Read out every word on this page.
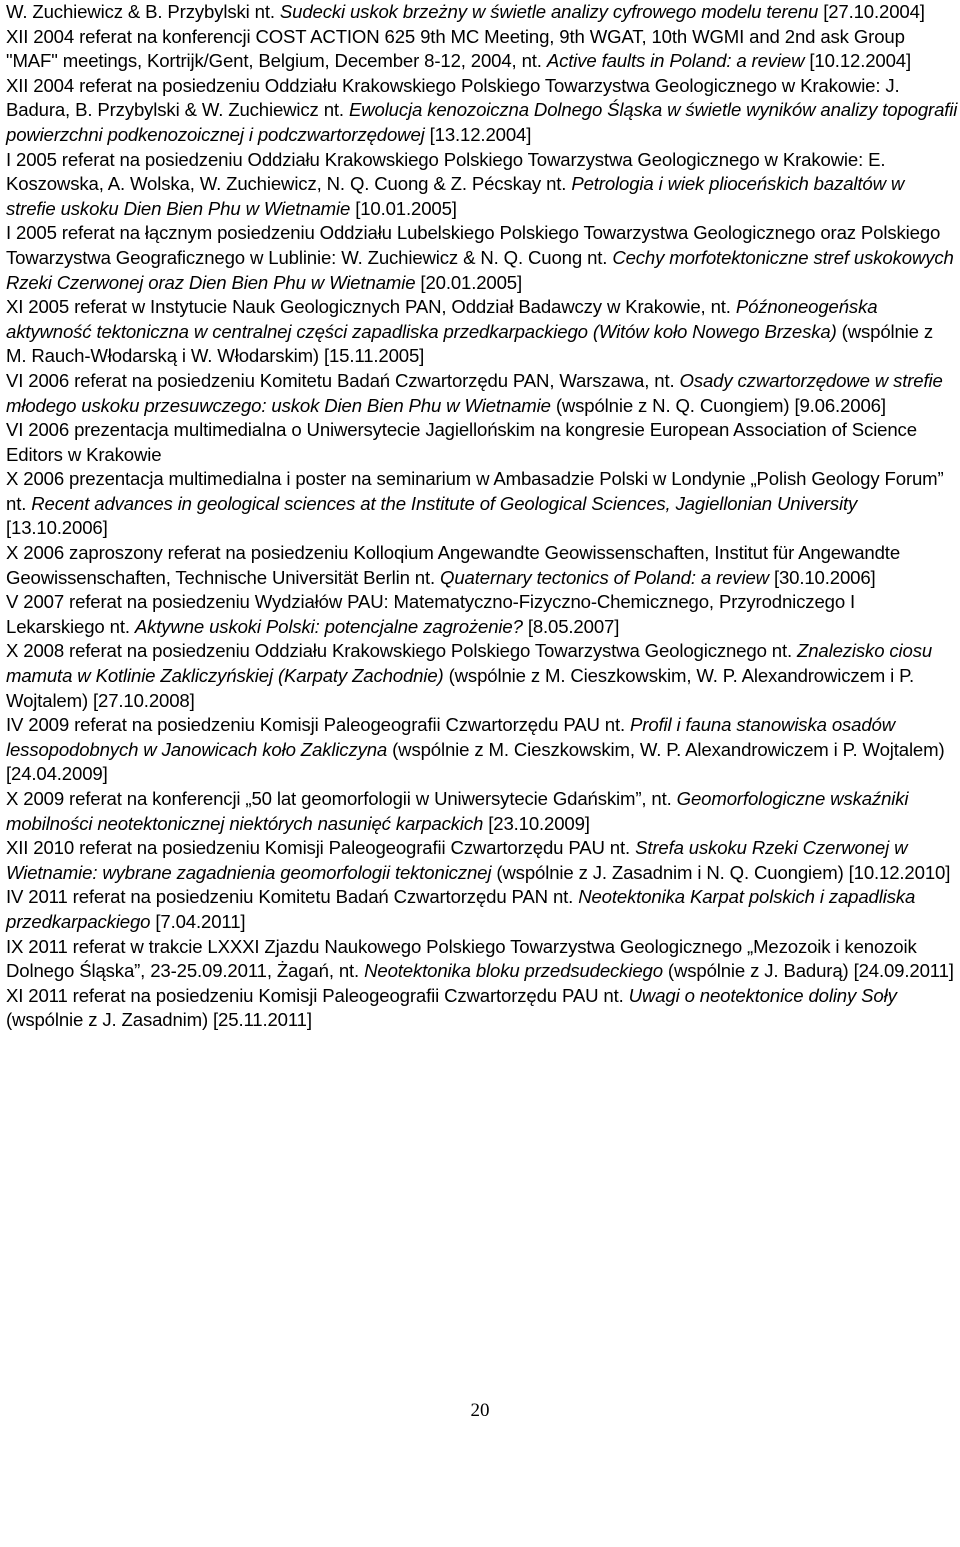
W. Zuchiewicz & B. Przybylski nt. Sudecki uskok brzeżny w świetle analizy cyfrowego modelu terenu [27.10.2004]

XII 2004 referat na konferencji COST ACTION 625 9th MC Meeting, 9th WGAT, 10th WGMI and 2nd ask Group "MAF" meetings, Kortrijk/Gent, Belgium, December 8-12, 2004, nt. Active faults in Poland: a review [10.12.2004]

XII 2004 referat na posiedzeniu Oddziału Krakowskiego Polskiego Towarzystwa Geologicznego w Krakowie: J. Badura, B. Przybylski & W. Zuchiewicz nt. Ewolucja kenozoiczna Dolnego Śląska w świetle wyników analizy topografii powierzchni podkenozoicznej i podczwartorzędowej [13.12.2004]

I 2005 referat na posiedzeniu Oddziału Krakowskiego Polskiego Towarzystwa Geologicznego w Krakowie: E. Koszowska, A. Wolska, W. Zuchiewicz, N. Q. Cuong & Z. Pécskay nt. Petrologia i wiek plioceńskich bazaltów w strefie uskoku Dien Bien Phu w Wietnamie [10.01.2005]

I 2005 referat na łącznym posiedzeniu Oddziału Lubelskiego Polskiego Towarzystwa Geologicznego oraz Polskiego Towarzystwa Geograficznego w Lublinie: W. Zuchiewicz & N. Q. Cuong nt. Cechy morfotektoniczne stref uskokowych Rzeki Czerwonej oraz Dien Bien Phu w Wietnamie [20.01.2005]

XI 2005 referat w Instytucie Nauk Geologicznych PAN, Oddział Badawczy w Krakowie, nt. Późnoneogeńska aktywność tektoniczna w centralnej części zapadliska przedkarpackiego (Witów koło Nowego Brzeska) (wspólnie z M. Rauch-Włodarską i W. Włodarskim) [15.11.2005]

VI 2006 referat na posiedzeniu Komitetu Badań Czwartorzędu PAN, Warszawa, nt. Osady czwartorzędowe w strefie młodego uskoku przesuwczego: uskok Dien Bien Phu w Wietnamie (wspólnie z N. Q. Cuongiem) [9.06.2006]

VI 2006 prezentacja multimedialna o Uniwersytecie Jagiellońskim na kongresie European Association of Science Editors w Krakowie

X 2006 prezentacja multimedialna i poster na seminarium w Ambasadzie Polski w Londynie „Polish Geology Forum” nt. Recent advances in geological sciences at the Institute of Geological Sciences, Jagiellonian University [13.10.2006]

X 2006 zaproszony referat na posiedzeniu Kolloqium Angewandte Geowissenschaften, Institut für Angewandte Geowissenschaften, Technische Universität Berlin nt. Quaternary tectonics of Poland: a review [30.10.2006]

V 2007 referat na posiedzeniu Wydziałów PAU: Matematyczno-Fizyczno-Chemicznego, Przyrodniczego I Lekarskiego nt. Aktywne uskoki Polski: potencjalne zagrożenie? [8.05.2007]

X 2008 referat na posiedzeniu Oddziału Krakowskiego Polskiego Towarzystwa Geologicznego nt. Znalezisko ciosu mamuta w Kotlinie Zakliczyńskiej (Karpaty Zachodnie) (wspólnie z M. Cieszkowskim, W. P. Alexandrowiczem i P. Wojtalem) [27.10.2008]

IV 2009 referat na posiedzeniu Komisji Paleogeografii Czwartorzędu PAU nt. Profil i fauna stanowiska osadów lessopodobnych w Janowicach koło Zakliczyna (wspólnie z M. Cieszkowskim, W. P. Alexandrowiczem i P. Wojtalem) [24.04.2009]

X 2009 referat na konferencji „50 lat geomorfologii w Uniwersytecie Gdańskim”, nt. Geomorfologiczne wskaźniki mobilności neotektonicznej niektórych nasunięć karpackich [23.10.2009]

XII 2010 referat na posiedzeniu Komisji Paleogeografii Czwartorzędu PAU nt. Strefa uskoku Rzeki Czerwonej w Wietnamie: wybrane zagadnienia geomorfologii tektonicznej (wspólnie z J. Zasadnim i N. Q. Cuongiem) [10.12.2010]

IV 2011 referat na posiedzeniu Komitetu Badań Czwartorzędu PAN nt. Neotektonika Karpat polskich i zapadliska przedkarpackiego [7.04.2011]

IX 2011 referat w trakcie LXXXI Zjazdu Naukowego Polskiego Towarzystwa Geologicznego „Mezozoik i kenozoik Dolnego Śląska”, 23-25.09.2011, Żagań, nt. Neotektonika bloku przedsudeckiego (wspólnie z J. Badurą) [24.09.2011]

XI 2011 referat na posiedzeniu Komisji Paleogeografii Czwartorzędu PAU nt. Uwagi o neotektonice doliny Soły (wspólnie z J. Zasadnim) [25.11.2011]

20
